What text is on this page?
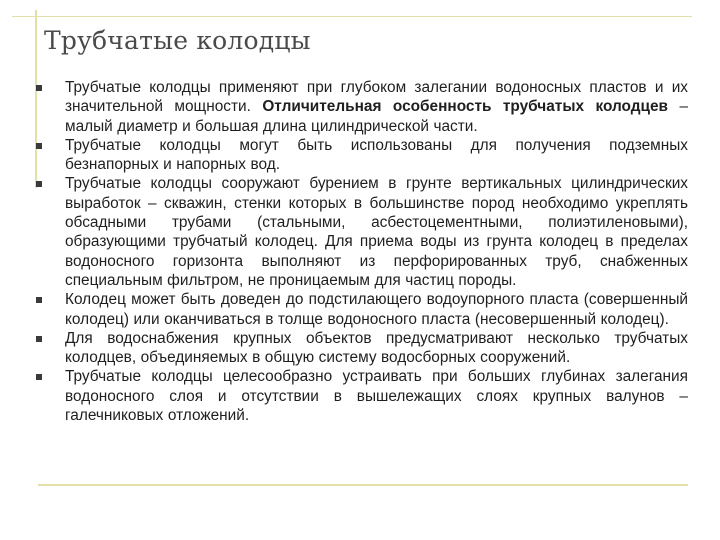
Трубчатые колодцы
Трубчатые колодцы применяют при глубоком залегании водоносных пластов и их значительной мощности. Отличительная особенность трубчатых колодцев – малый диаметр и большая длина цилиндрической части.
Трубчатые колодцы могут быть использованы для получения подземных безнапорных и напорных вод.
Трубчатые колодцы сооружают бурением в грунте вертикальных цилиндрических выработок – скважин, стенки которых в большинстве пород необходимо укреплять обсадными трубами (стальными, асбестоцементными, полиэтиленовыми), образующими трубчатый колодец. Для приема воды из грунта колодец в пределах водоносного горизонта выполняют из перфорированных труб, снабженных специальным фильтром, не проницаемым для частиц породы.
Колодец может быть доведен до подстилающего водоупорного пласта (совершенный колодец) или оканчиваться в толще водоносного пласта (несовершенный колодец).
Для водоснабжения крупных объектов предусматривают несколько трубчатых колодцев, объединяемых в общую систему водосборных сооружений.
Трубчатые колодцы целесообразно устраивать при больших глубинах залегания водоносного слоя и отсутствии в вышележащих слоях крупных валунов – галечниковых отложений.
